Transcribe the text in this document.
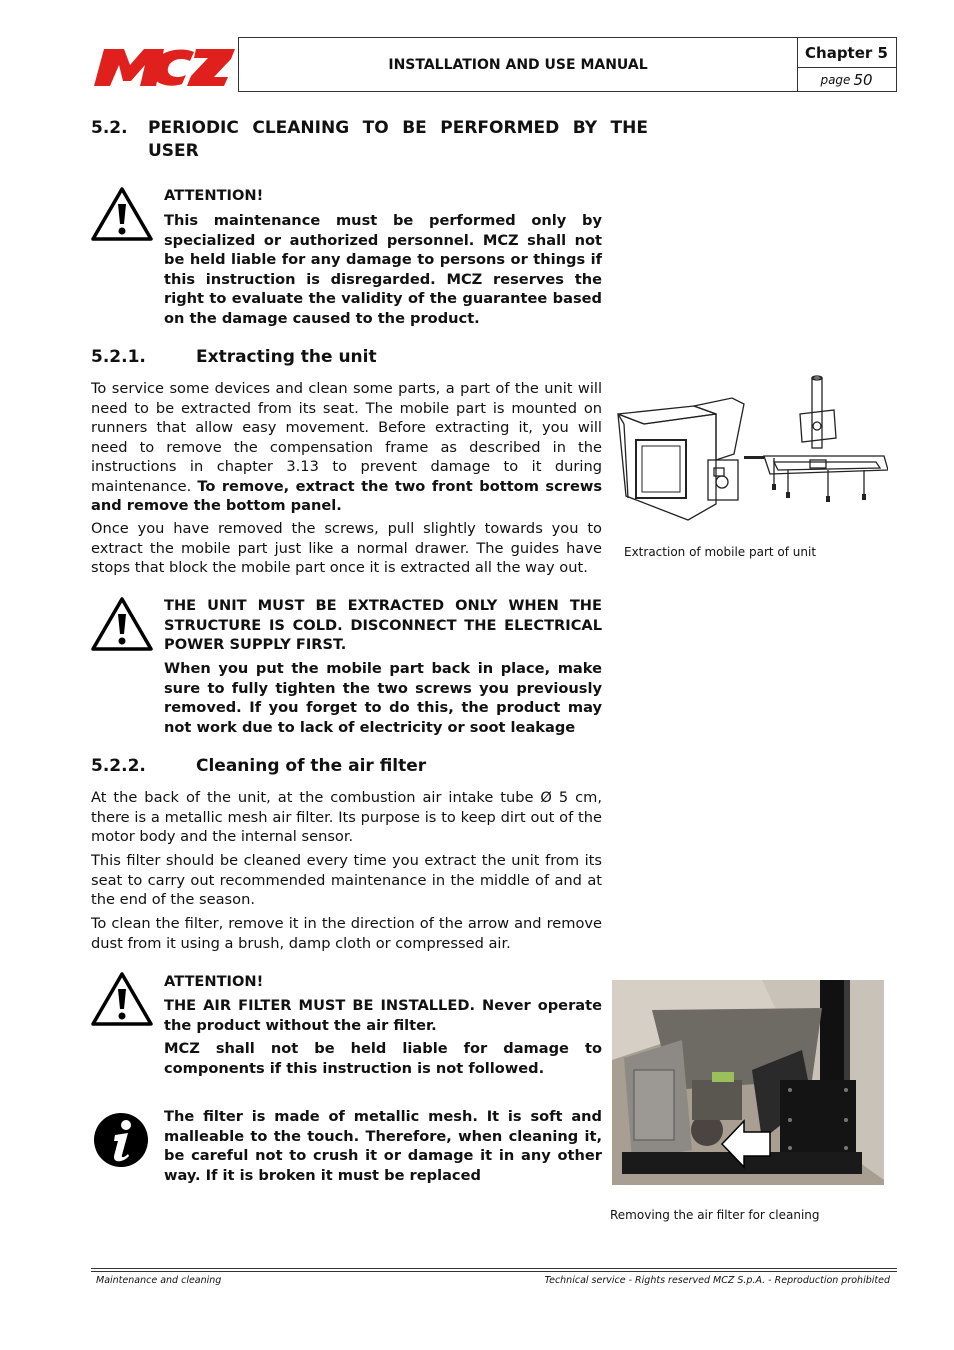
INSTALLATION AND USE MANUAL
Chapter 5
page 50
5.2. PERIODIC CLEANING TO BE PERFORMED BY THE
USER
ATTENTION!
This maintenance must be performed only by specialized or authorized personnel. MCZ shall not be held liable for any damage to persons or things if this instruction is disregarded. MCZ reserves the right to evaluate the validity of the guarantee based on the damage caused to the product.
5.2.1.	Extracting the unit
To service some devices and clean some parts, a part of the unit will need to be extracted from its seat. The mobile part is mounted on runners that allow easy movement. Before extracting it, you will need to remove the compensation frame as described in the instructions in chapter 3.13 to prevent damage to it during maintenance. To remove, extract the two front bottom screws and remove the bottom panel.
Once you have removed the screws, pull slightly towards you to extract the mobile part just like a normal drawer. The guides have stops that block the mobile part once it is extracted all the way out.
Extraction of mobile part of unit
THE UNIT MUST BE EXTRACTED ONLY WHEN THE STRUCTURE IS COLD. DISCONNECT THE ELECTRICAL POWER SUPPLY FIRST.
When you put the mobile part back in place, make sure to fully tighten the two screws you previously removed. If you forget to do this, the product may not work due to lack of electricity or soot leakage
5.2.2.	Cleaning of the air filter
At the back of the unit, at the combustion air intake tube Ø 5 cm, there is a metallic mesh air filter. Its purpose is to keep dirt out of the motor body and the internal sensor.
This filter should be cleaned every time you extract the unit from its seat to carry out recommended maintenance in the middle of and at the end of the season.
To clean the filter, remove it in the direction of the arrow and remove dust from it using a brush, damp cloth or compressed air.
Removing the air filter for cleaning
ATTENTION!
THE AIR FILTER MUST BE INSTALLED. Never operate the product without the air filter.
MCZ shall not be held liable for damage to components if this instruction is not followed.
The filter is made of metallic mesh. It is soft and malleable to the touch. Therefore, when cleaning it, be careful not to crush it or damage it in any other way. If it is broken it must be replaced
Maintenance and cleaning	Technical service - Rights reserved MCZ S.p.A. - Reproduction prohibited
